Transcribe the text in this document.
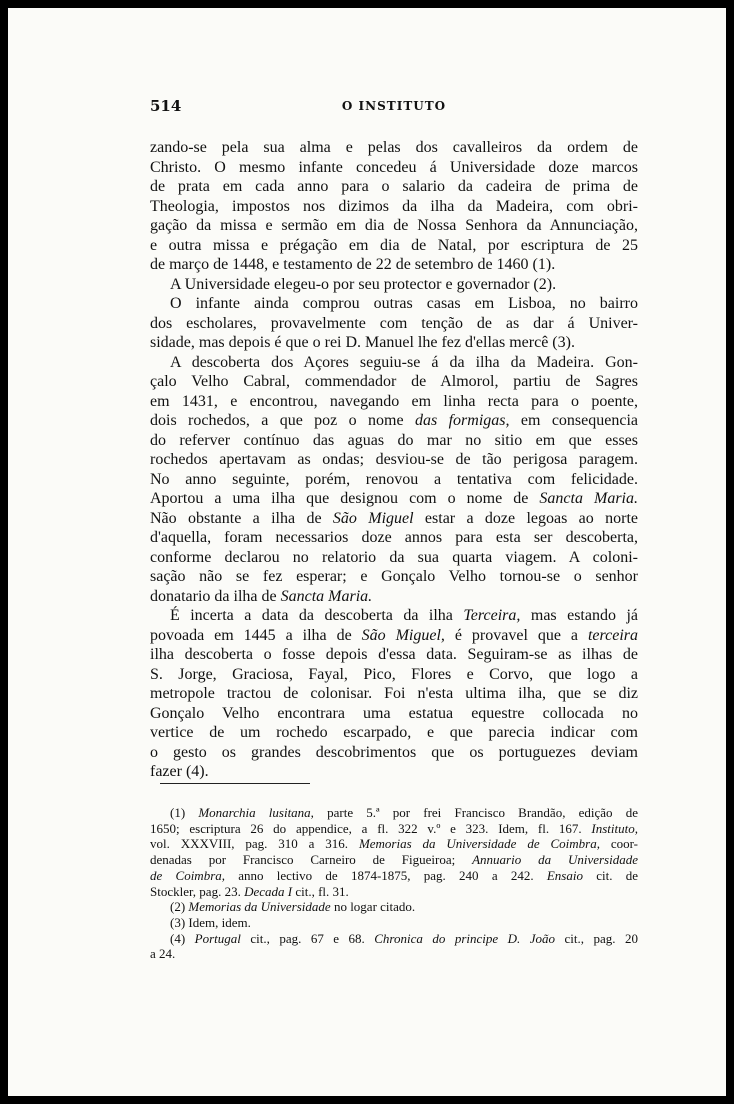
514	O INSTITUTO

zando-se pela sua alma e pelas dos cavalleiros da ordem de

Christo. O mesmo infante concedeu á Universidade doze marcos

de prata em cada anno para o salario da cadeira de prima de

Theologia, impostos nos dizimos da ilha da Madeira, com obri-

gação da missa e sermão em dia de Nossa Senhora da Annunciação,

e outra missa e prégação em dia de Natal, por escriptura de 25

de março de 1448, e testamento de 22 de setembro de 1460 (1).

A Universidade elegeu-o por seu protector e governador (2).

O infante ainda comprou outras casas em Lisboa, no bairro

dos escholares, provavelmente com tenção de as dar á Univer-

sidade, mas depois é que o rei D. Manuel lhe fez d'ellas mercê (3).

A descoberta dos Açores seguiu-se á da ilha da Madeira. Gon-

çalo Velho Cabral, commendador de Almorol, partiu de Sagres

em 1431, e encontrou, navegando em linha recta para o poente,

dois rochedos, a que poz o nome das formigas, em consequencia

do referver contínuo das aguas do mar no sitio em que esses

rochedos apertavam as ondas; desviou-se de tão perigosa paragem.

No anno seguinte, porém, renovou a tentativa com felicidade.

Aportou a uma ilha que designou com o nome de Sancta Maria.

Não obstante a ilha de São Miguel estar a doze legoas ao norte

d'aquella, foram necessarios doze annos para esta ser descoberta,

conforme declarou no relatorio da sua quarta viagem. A coloni-

sação não se fez esperar; e Gonçalo Velho tornou-se o senhor

donatario da ilha de Sancta Maria.

É incerta a data da descoberta da ilha Terceira, mas estando já

povoada em 1445 a ilha de São Miguel, é provavel que a terceira

ilha descoberta o fosse depois d'essa data. Seguiram-se as ilhas de

S. Jorge, Graciosa, Fayal, Pico, Flores e Corvo, que logo a

metropole tractou de colonisar. Foi n'esta ultima ilha, que se diz

Gonçalo Velho encontrara uma estatua equestre collocada no

vertice de um rochedo escarpado, e que parecia indicar com

o gesto os grandes descobrimentos que os portuguezes deviam

fazer (4).

(1) Monarchia lusitana, parte 5.ª por frei Francisco Brandão, edição de

1650; escriptura 26 do appendice, a fl. 322 v.º e 323. Idem, fl. 167. Instituto,

vol. XXXVIII, pag. 310 a 316. Memorias da Universidade de Coimbra, coor-

denadas por Francisco Carneiro de Figueiroa; Annuario da Universidade

de Coimbra, anno lectivo de 1874-1875, pag. 240 a 242. Ensaio cit. de

Stockler, pag. 23. Decada I cit., fl. 31.

(2) Memorias da Universidade no logar citado.

(3) Idem, idem.

(4) Portugal cit., pag. 67 e 68. Chronica do principe D. João cit., pag. 20

a 24.
